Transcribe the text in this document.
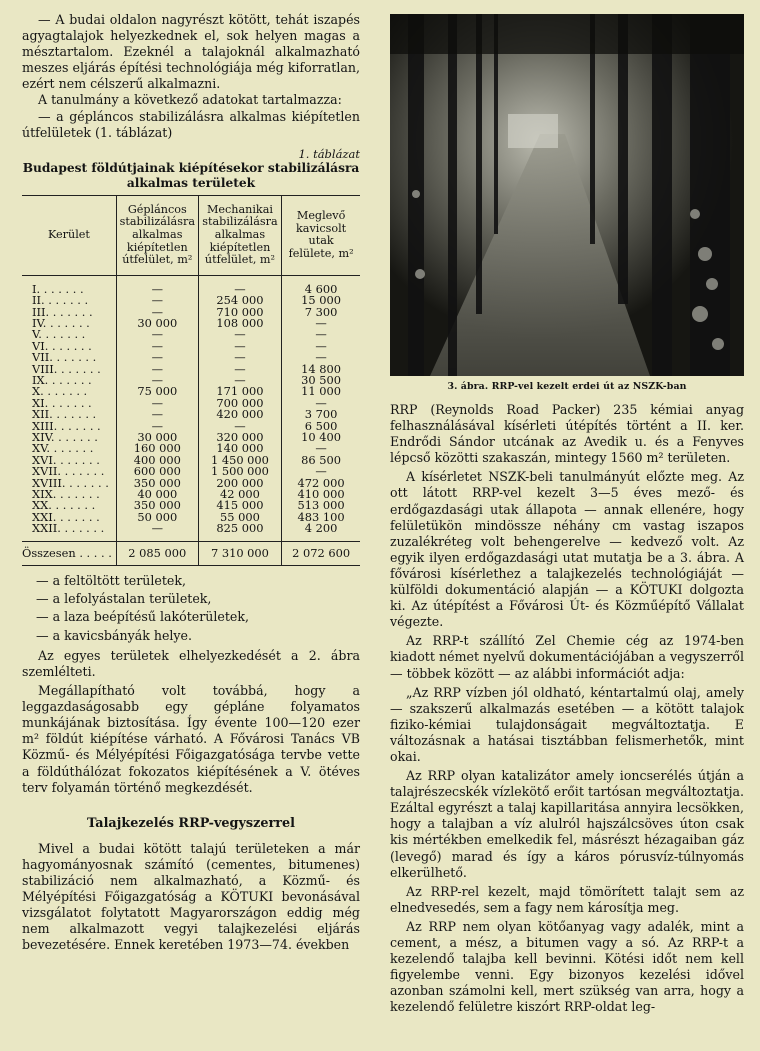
— A budai oldalon nagyrészt kötött, tehát iszapés agyagtalajok helyezkednek el, sok helyen magas a mésztartalom. Ezeknél a talajoknál alkalmazható meszes eljárás építési technológiája még kiforratlan, ezért nem célszerű alkalmazni.

A tanulmány a következő adatokat tartalmazza:

— a gépláncos stabilizálásra alkalmas kiépítetlen útfelületek (1. táblázat)

1. táblázat
Budapest földútjainak kiépítésekor stabilizálásra alkalmas területek
Kerület	Gépláncos stabilizálásra alkalmas kiépítetlen útfelület, m²	Mechanikai stabilizálásra alkalmas kiépítetlen útfelület, m²	Meglevő kavicsolt utak felülete, m²
I. . . . . . .	—	—	4 600
II. . . . . . .	—	254 000	15 000
III. . . . . . .	—	710 000	7 300
IV. . . . . . .	30 000	108 000	—
V. . . . . . .	—	—	—
VI. . . . . . .	—	—	—
VII. . . . . . .	—	—	—
VIII. . . . . . .	—	—	14 800
IX. . . . . . .	—	—	30 500
X. . . . . . .	75 000	171 000	11 000
XI. . . . . . .	—	700 000	—
XII. . . . . . .	—	420 000	3 700
XIII. . . . . . .	—	—	6 500
XIV. . . . . . .	30 000	320 000	10 400
XV. . . . . . .	160 000	140 000	—
XVI. . . . . . .	400 000	1 450 000	86 500
XVII. . . . . . .	600 000	1 500 000	—
XVIII. . . . . . .	350 000	200 000	472 000
XIX. . . . . . .	40 000	42 000	410 000
XX. . . . . . .	350 000	415 000	513 000
XXI. . . . . . .	50 000	55 000	483 100
XXII. . . . . . .	—	825 000	4 200
Összesen . . . . .	2 085 000	7 310 000	2 072 600
— a feltöltött területek,
— a lefolyástalan területek,
— a laza beépítésű lakóterületek,
— a kavicsbányák helye.

Az egyes területek elhelyezkedését a 2. ábra szemlélteti.

Megállapítható volt továbbá, hogy a leggazdaságosabb egy gépláne folyamatos munkájának biztosítása. Így évente 100—120 ezer m² földút kiépítése várható. A Fővárosi Tanács VB Közmű- és Mélyépítési Főigazgatósága tervbe vette a földúthálózat fokozatos kiépítésének a V. ötéves terv folyamán történő megkezdését.

Talajkezelés RRP-vegyszerrel

Mivel a budai kötött talajú területeken a már hagyományosnak számító (cementes, bitumenes) stabilizáció nem alkalmazható, a Közmű- és Mélyépítési Főigazgatóság a KÖTUKI bevonásával vizsgálatot folytatott Magyarországon eddig még nem alkalmazott vegyi talajkezelési eljárás bevezetésére. Ennek keretében 1973—74. években

3. ábra. RRP-vel kezelt erdei út az NSZK-ban

RRP (Reynolds Road Packer) 235 kémiai anyag felhasználásával kísérleti útépítés történt a II. ker. Endrődi Sándor utcának az Avedik u. és a Fenyves lépcső közötti szakaszán, mintegy 1560 m² területen.

A kísérletet NSZK-beli tanulmányút előzte meg. Az ott látott RRP-vel kezelt 3—5 éves mező- és erdőgazdasági utak állapota — annak ellenére, hogy felületükön mindössze néhány cm vastag iszapos zuzalékréteg volt behengerelve — kedvező volt. Az egyik ilyen erdőgazdasági utat mutatja be a 3. ábra. A fővárosi kísérlethez a talajkezelés technológiáját — külföldi dokumentáció alapján — a KÖTUKI dolgozta ki. Az útépítést a Fővárosi Út- és Közműépítő Vállalat végezte.

Az RRP-t szállító Zel Chemie cég az 1974-ben kiadott német nyelvű dokumentációjában a vegyszerről — többek között — az alábbi információt adja:

„Az RRP vízben jól oldható, kéntartalmú olaj, amely — szakszerű alkalmazás esetében — a kötött talajok fiziko-kémiai tulajdonságait megváltoztatja. E változásnak a hatásai tisztábban felismerhetők, mint okai.

Az RRP olyan katalizátor amely ioncserélés útján a talajrészecskék vízlekötő erőit tartósan megváltoztatja. Ezáltal egyrészt a talaj kapillaritása annyira lecsökken, hogy a talajban a víz alulról hajszálcsöves úton csak kis mértékben emelkedik fel, másrészt hézagaiban gáz (levegő) marad és így a káros pórusvíz-túlnyomás elkerülhető.

Az RRP-rel kezelt, majd tömörített talajt sem az elnedvesedés, sem a fagy nem károsítja meg.

Az RRP nem olyan kötőanyag vagy adalék, mint a cement, a mész, a bitumen vagy a só. Az RRP-t a kezelendő talajba kell bevinni. Kötési időt nem kell figyelembe venni. Egy bizonyos kezelési idővel azonban számolni kell, mert szükség van arra, hogy a kezelendő felületre kiszórt RRP-oldat leg-
